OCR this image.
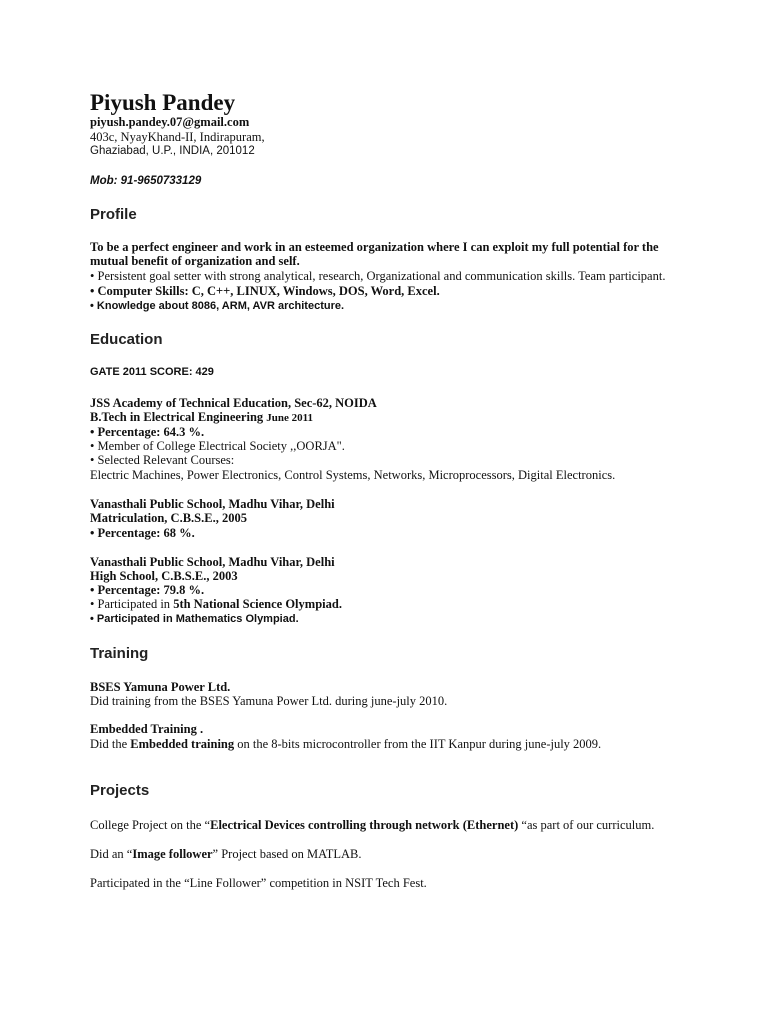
Piyush Pandey
piyush.pandey.07@gmail.com
403c, NyayKhand-II, Indirapuram,
Ghaziabad, U.P., INDIA, 201012
Mob: 91-9650733129
Profile
To be a perfect engineer and work in an esteemed organization where I can exploit my full potential for the
mutual benefit of organization and self.
• Persistent goal setter with strong analytical, research, Organizational and communication skills. Team participant.
• Computer Skills: C, C++, LINUX, Windows, DOS, Word, Excel.
• Knowledge about 8086, ARM, AVR architecture.
Education
GATE 2011 SCORE: 429
JSS Academy of Technical Education, Sec-62, NOIDA
B.Tech in Electrical Engineering June 2011
• Percentage: 64.3 %.
• Member of College Electrical Society ,,OORJA".
• Selected Relevant Courses:
Electric Machines, Power Electronics, Control Systems, Networks, Microprocessors, Digital Electronics.
Vanasthali Public School, Madhu Vihar, Delhi
Matriculation, C.B.S.E., 2005
• Percentage: 68 %.
Vanasthali Public School, Madhu Vihar, Delhi
High School, C.B.S.E., 2003
• Percentage: 79.8 %.
• Participated in 5th National Science Olympiad.
• Participated in Mathematics Olympiad.
Training
BSES Yamuna Power Ltd.
Did training from the BSES Yamuna Power Ltd. during june-july 2010.
Embedded Training .
Did the Embedded training on the 8-bits microcontroller from the IIT Kanpur during june-july 2009.
Projects
College Project on the “Electrical Devices controlling through network (Ethernet) “as part of our curriculum.
Did an “Image follower” Project based on MATLAB.
Participated in the “Line Follower” competition in NSIT Tech Fest.
